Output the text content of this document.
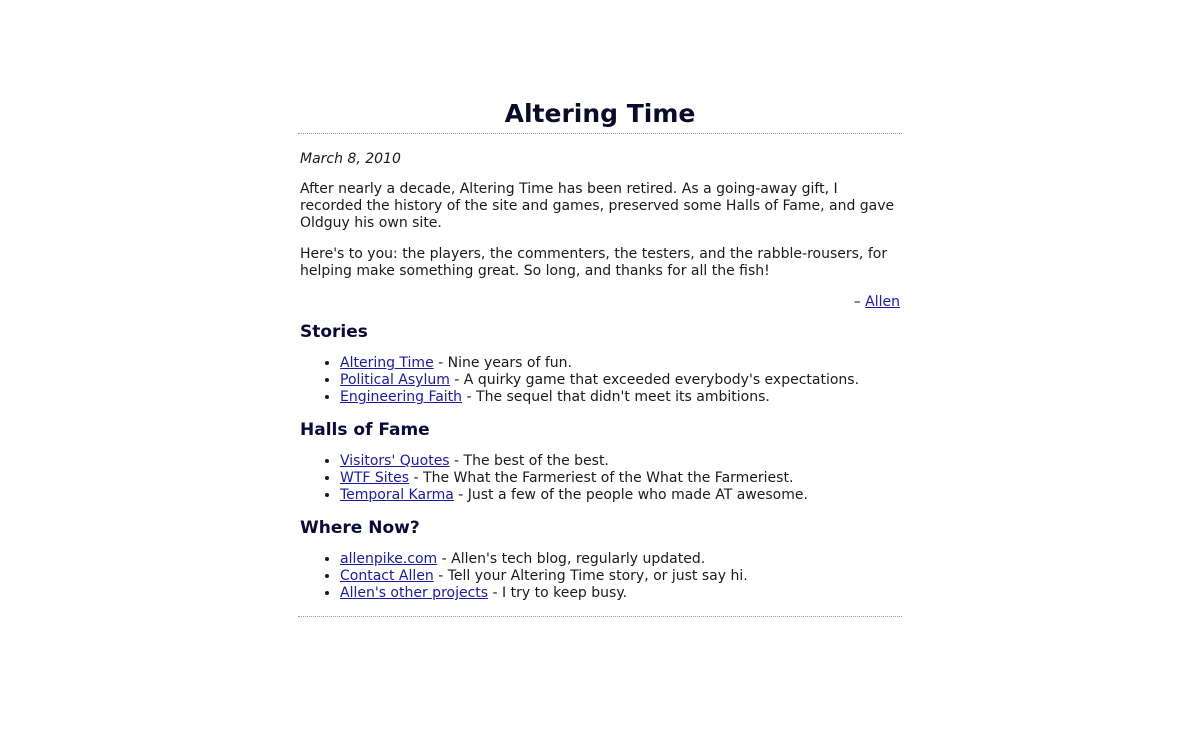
Altering Time
March 8, 2010

After nearly a decade, Altering Time has been retired. As a going-away gift, I recorded the history of the site and games, preserved some Halls of Fame, and gave Oldguy his own site.

Here's to you: the players, the commenters, the testers, and the rabble-rousers, for helping make something great. So long, and thanks for all the fish!

– Allen
Stories
• Altering Time - Nine years of fun.
• Political Asylum - A quirky game that exceeded everybody's expectations.
• Engineering Faith - The sequel that didn't meet its ambitions.
Halls of Fame
• Visitors' Quotes - The best of the best.
• WTF Sites - The What the Farmeriest of the What the Farmeriest.
• Temporal Karma - Just a few of the people who made AT awesome.
Where Now?
• allenpike.com - Allen's tech blog, regularly updated.
• Contact Allen - Tell your Altering Time story, or just say hi.
• Allen's other projects - I try to keep busy.
